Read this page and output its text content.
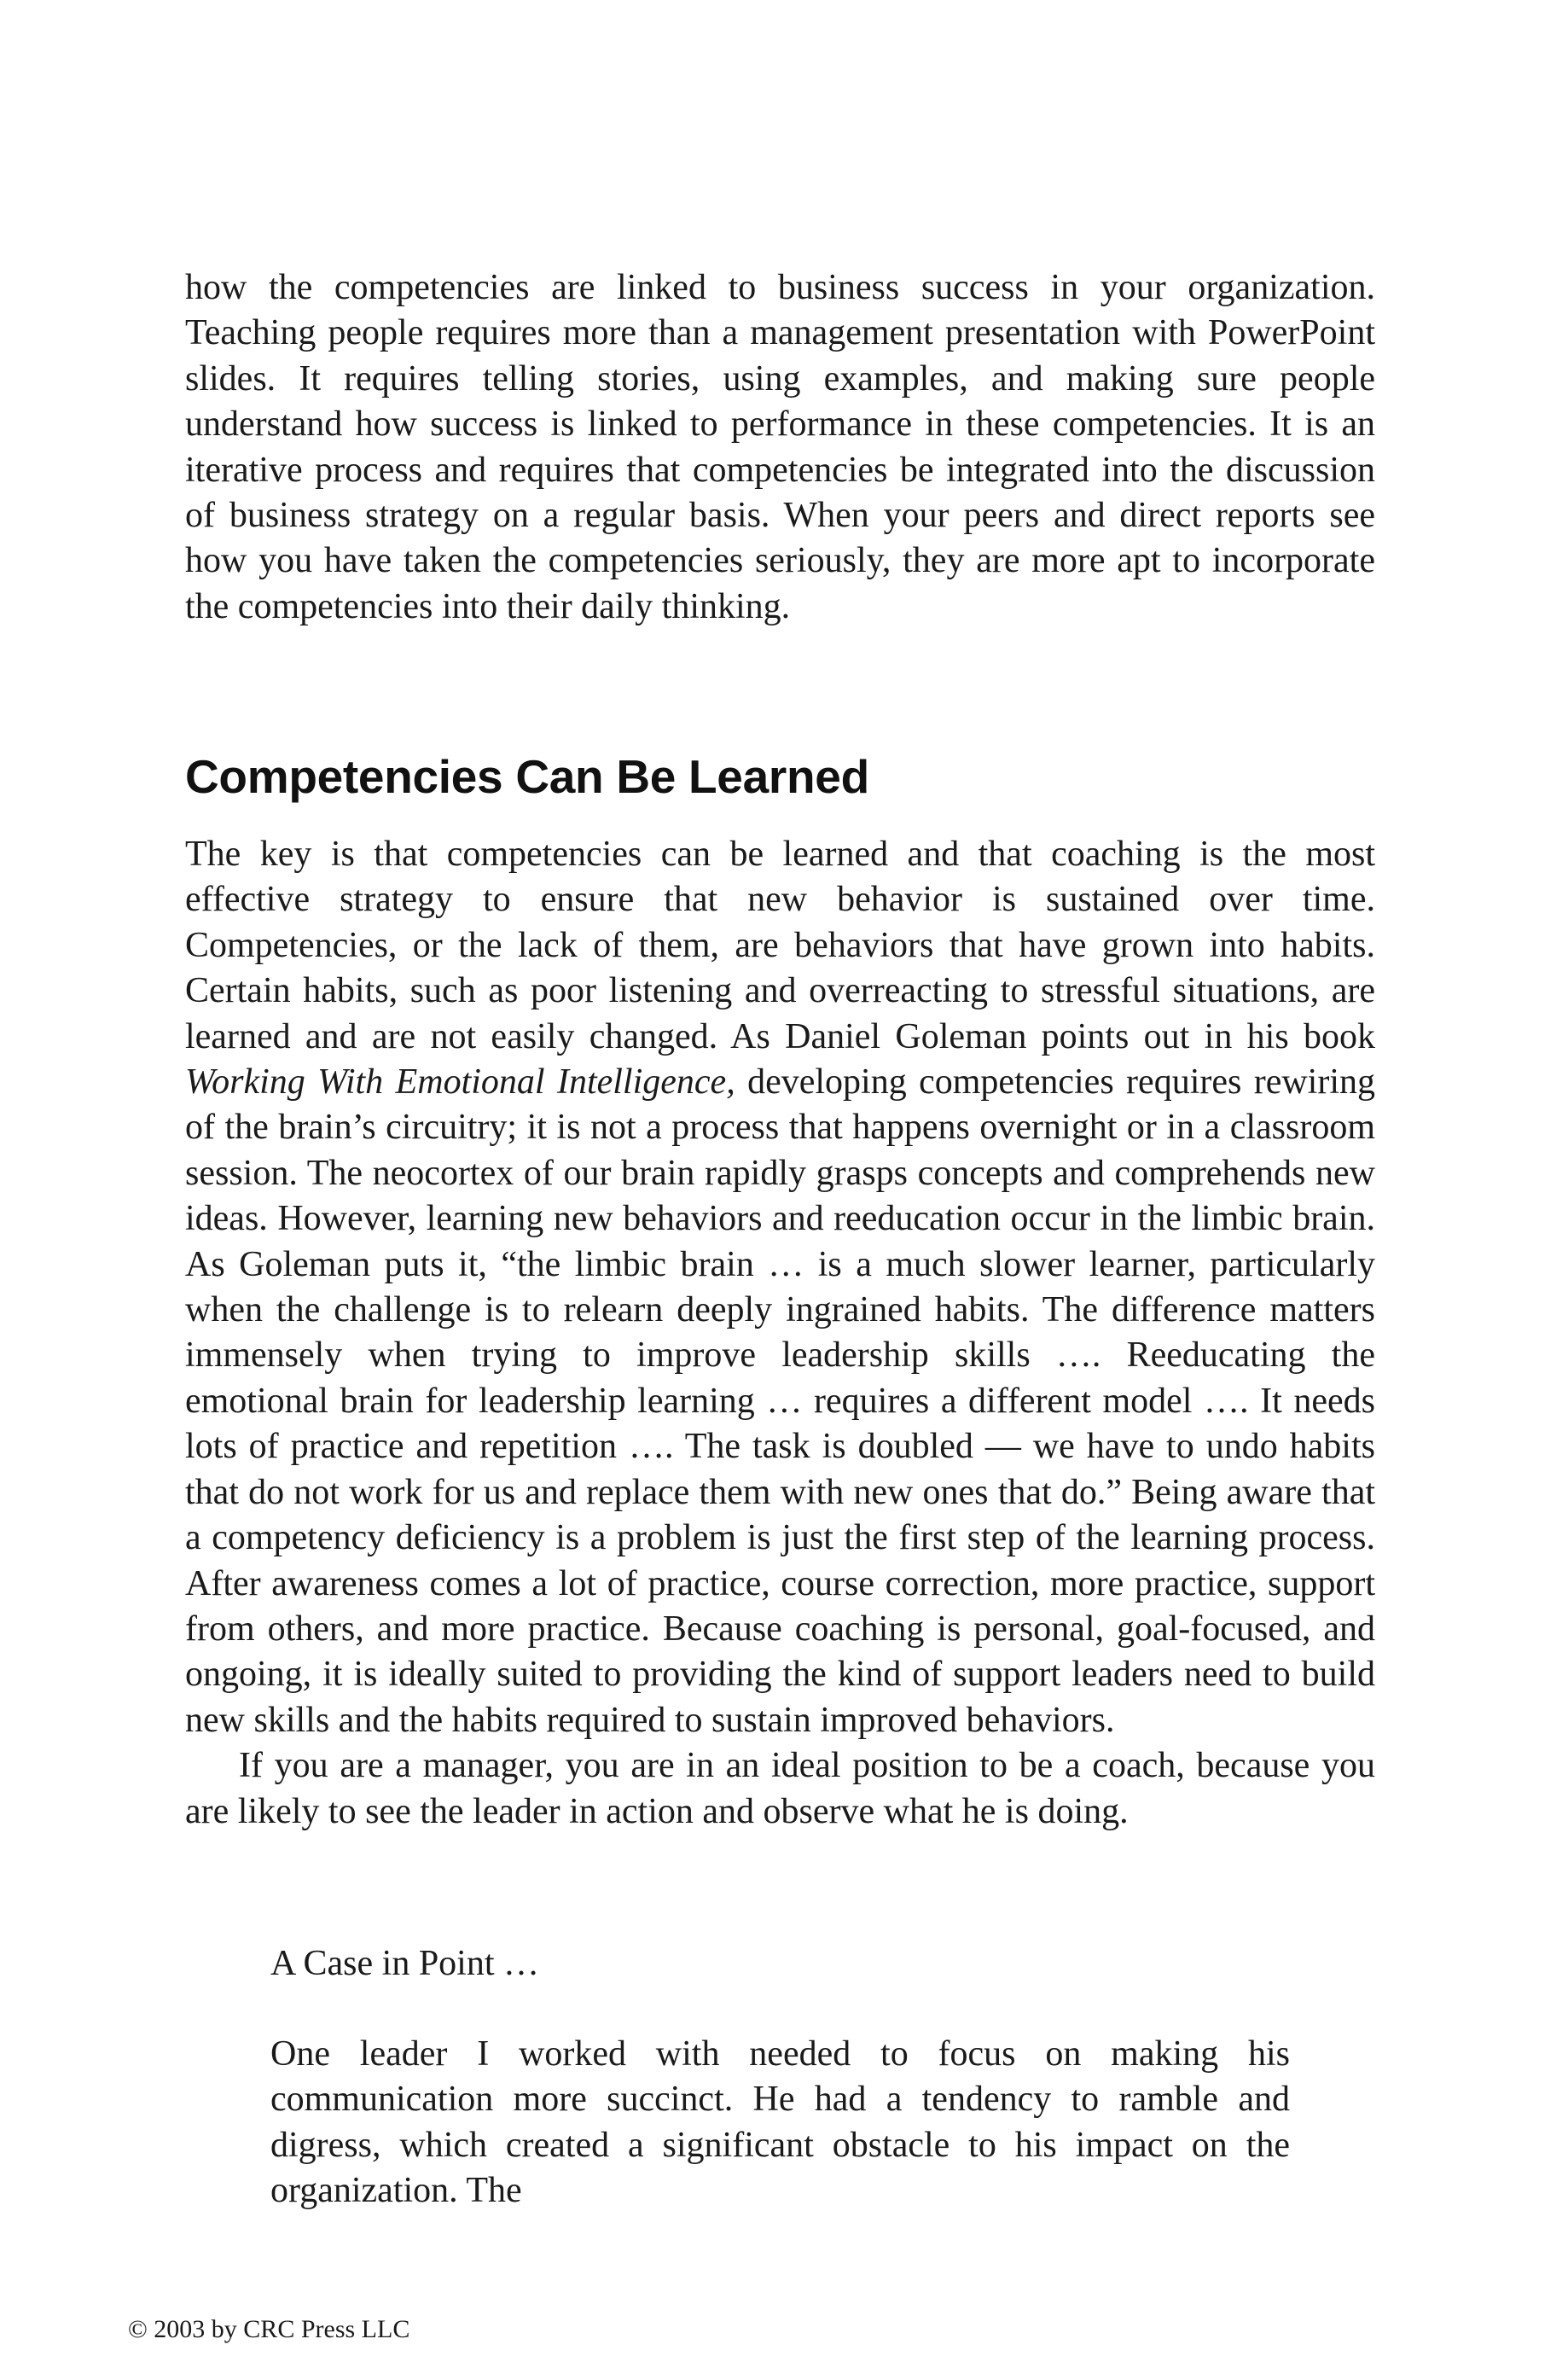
how the competencies are linked to business success in your organization. Teaching people requires more than a management presentation with PowerPoint slides. It requires telling stories, using examples, and making sure people understand how success is linked to performance in these competencies. It is an iterative process and requires that competencies be integrated into the discussion of business strategy on a regular basis. When your peers and direct reports see how you have taken the competencies seriously, they are more apt to incorporate the competencies into their daily thinking.

Competencies Can Be Learned

The key is that competencies can be learned and that coaching is the most effective strategy to ensure that new behavior is sustained over time. Competencies, or the lack of them, are behaviors that have grown into habits. Certain habits, such as poor listening and overreacting to stressful situations, are learned and are not easily changed. As Daniel Goleman points out in his book Working With Emotional Intelligence, developing competencies requires rewiring of the brain’s circuitry; it is not a process that happens overnight or in a classroom session. The neocortex of our brain rapidly grasps concepts and comprehends new ideas. However, learning new behaviors and reeducation occur in the limbic brain. As Goleman puts it, “the limbic brain … is a much slower learner, particularly when the challenge is to relearn deeply ingrained habits. The difference matters immensely when trying to improve leadership skills …. Reeducating the emotional brain for leadership learning … requires a different model …. It needs lots of practice and repetition …. The task is doubled — we have to undo habits that do not work for us and replace them with new ones that do.” Being aware that a competency deficiency is a problem is just the first step of the learning process. After awareness comes a lot of practice, course correction, more practice, support from others, and more practice. Because coaching is personal, goal-focused, and ongoing, it is ideally suited to providing the kind of support leaders need to build new skills and the habits required to sustain improved behaviors.

If you are a manager, you are in an ideal position to be a coach, because you are likely to see the leader in action and observe what he is doing.

A Case in Point …

One leader I worked with needed to focus on making his communication more succinct. He had a tendency to ramble and digress, which created a significant obstacle to his impact on the organization. The

© 2003 by CRC Press LLC
